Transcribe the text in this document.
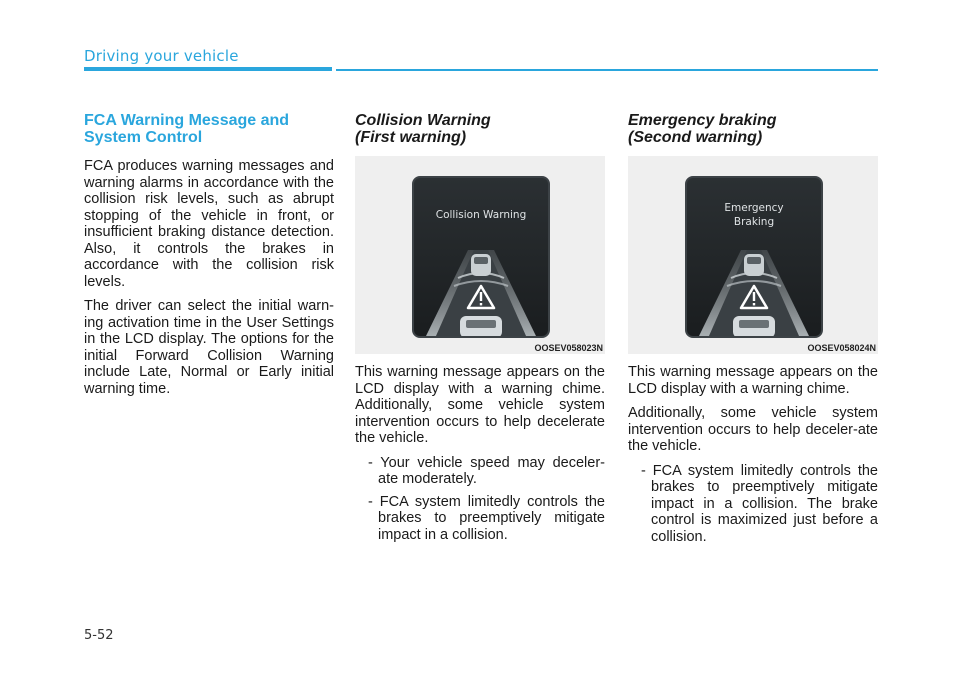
Driving your vehicle
FCA Warning Message and
System Control

FCA produces warning messages and warning alarms in accordance with the collision risk levels, such as abrupt stopping of the vehicle in front, or insufficient braking distance detection. Also, it controls the brakes in accordance with the collision risk levels.

The driver can select the initial warn-ing activation time in the User Settings in the LCD display. The options for the initial Forward Collision Warning include Late, Normal or Early initial warning time.

Collision Warning
(First warning)
Collision Warning
OOSEV058023N

This warning message appears on the LCD display with a warning chime. Additionally, some vehicle system intervention occurs to help decelerate the vehicle.

- Your vehicle speed may deceler-ate moderately.
- FCA system limitedly controls the brakes to preemptively mitigate impact in a collision.
Emergency braking
(Second warning)
Emergency
Braking
OOSEV058024N

This warning message appears on the LCD display with a warning chime.

Additionally, some vehicle system intervention occurs to help deceler-ate the vehicle.

- FCA system limitedly controls the brakes to preemptively mitigate impact in a collision. The brake control is maximized just before a collision.
5-52
